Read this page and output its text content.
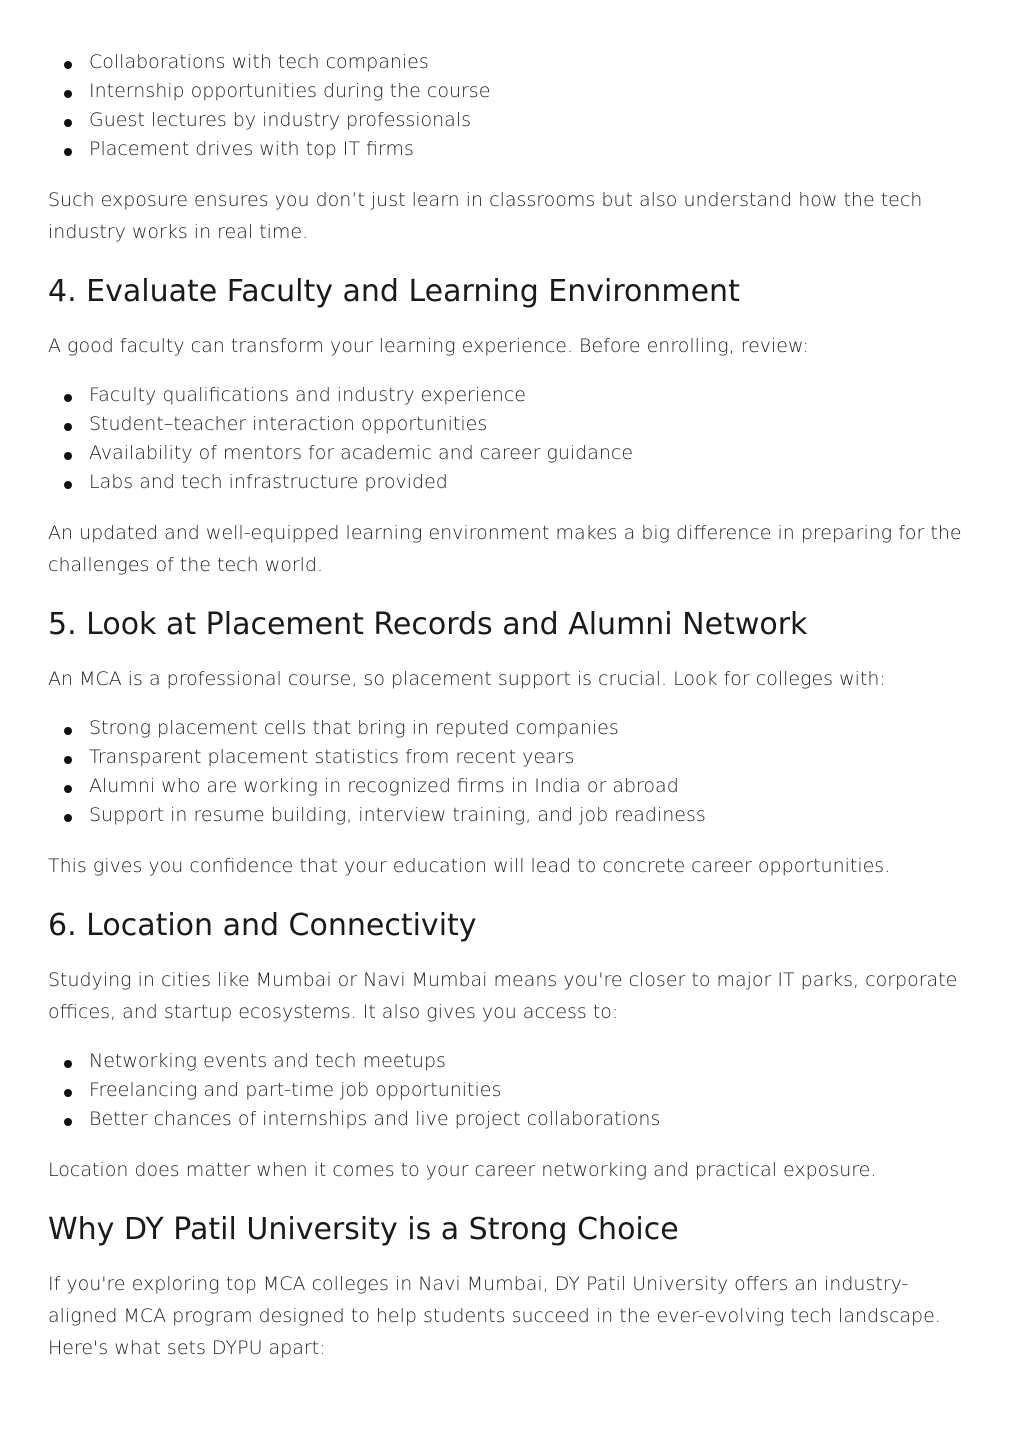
Collaborations with tech companies
Internship opportunities during the course
Guest lectures by industry professionals
Placement drives with top IT firms

Such exposure ensures you don’t just learn in classrooms but also understand how the tech industry works in real time.

4. Evaluate Faculty and Learning Environment

A good faculty can transform your learning experience. Before enrolling, review:

Faculty qualifications and industry experience
Student–teacher interaction opportunities
Availability of mentors for academic and career guidance
Labs and tech infrastructure provided

An updated and well-equipped learning environment makes a big difference in preparing for the challenges of the tech world.

5. Look at Placement Records and Alumni Network

An MCA is a professional course, so placement support is crucial. Look for colleges with:

Strong placement cells that bring in reputed companies
Transparent placement statistics from recent years
Alumni who are working in recognized firms in India or abroad
Support in resume building, interview training, and job readiness

This gives you confidence that your education will lead to concrete career opportunities.

6. Location and Connectivity

Studying in cities like Mumbai or Navi Mumbai means you're closer to major IT parks, corporate offices, and startup ecosystems. It also gives you access to:

Networking events and tech meetups
Freelancing and part-time job opportunities
Better chances of internships and live project collaborations

Location does matter when it comes to your career networking and practical exposure.

Why DY Patil University is a Strong Choice

If you're exploring top MCA colleges in Navi Mumbai, DY Patil University offers an industry-aligned MCA program designed to help students succeed in the ever-evolving tech landscape. Here's what sets DYPU apart:
